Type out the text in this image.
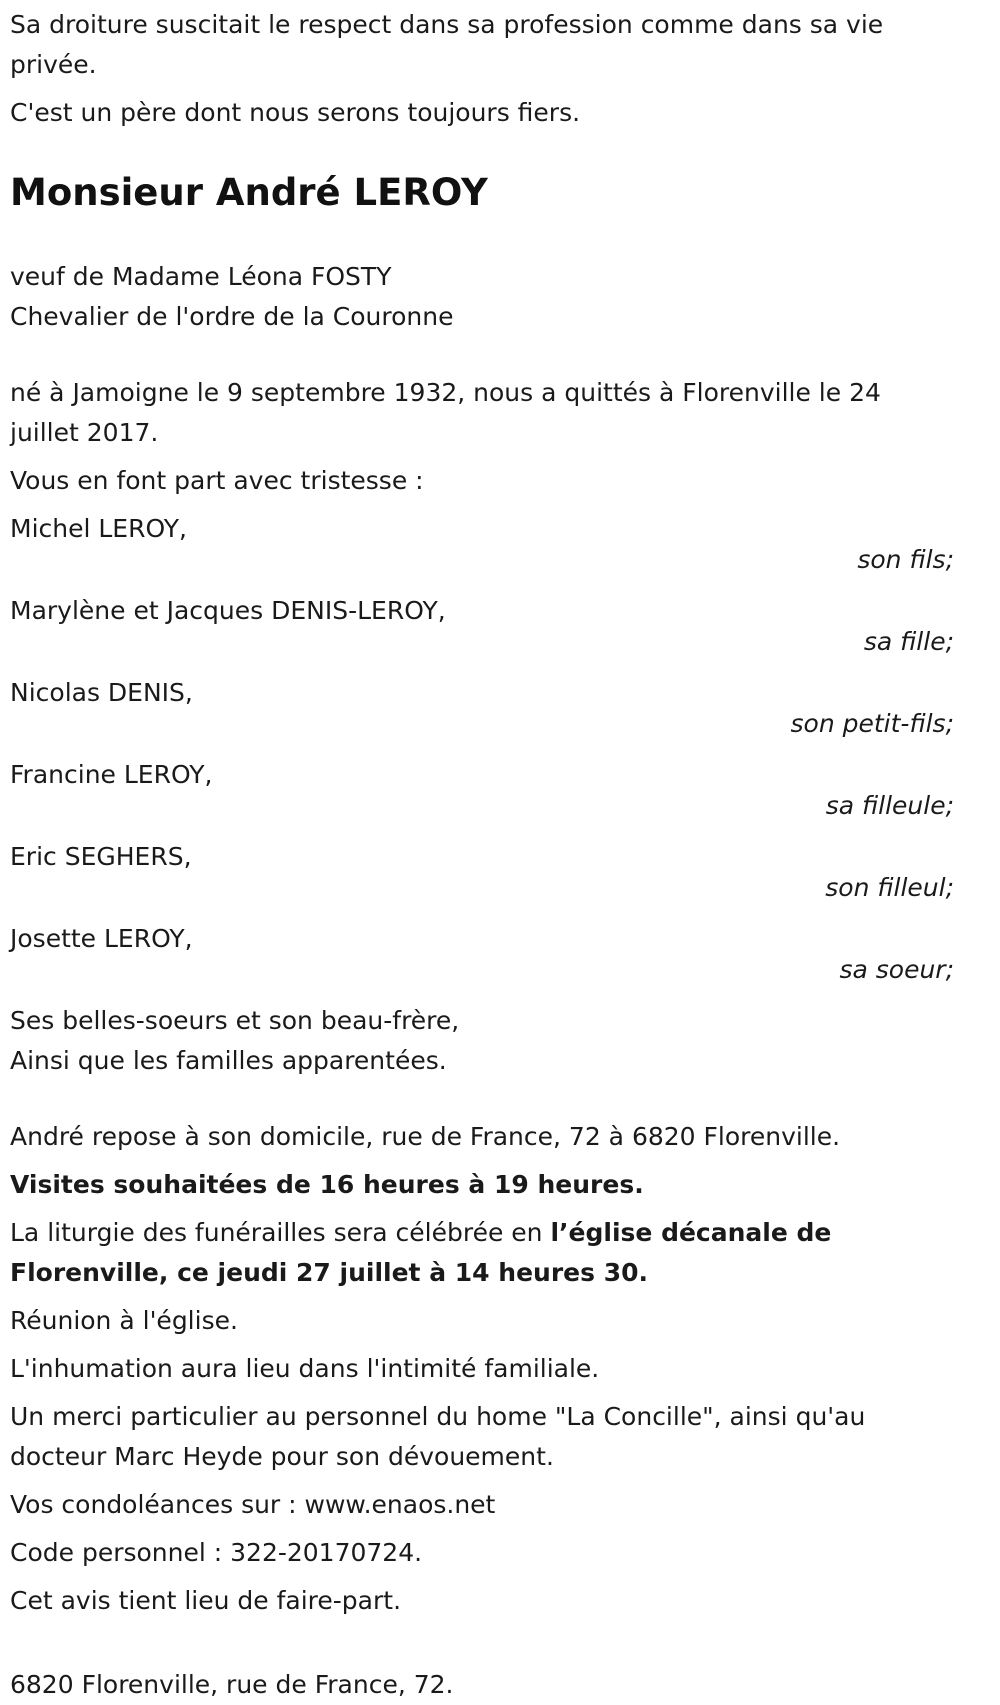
Sa droiture suscitait le respect dans sa profession comme dans sa vie privée.

C'est un père dont nous serons toujours fiers.

Monsieur André LEROY
veuf de Madame Léona FOSTY
Chevalier de l'ordre de la Couronne

né à Jamoigne le 9 septembre 1932, nous a quittés à Florenville le 24 juillet 2017.

Vous en font part avec tristesse :

Michel LEROY,
son fils;
Marylène et Jacques DENIS-LEROY,
sa fille;
Nicolas DENIS,
son petit-fils;
Francine LEROY,
sa filleule;
Eric SEGHERS,
son filleul;
Josette LEROY,
sa soeur;
Ses belles-soeurs et son beau-frère,
Ainsi que les familles apparentées.

André repose à son domicile, rue de France, 72 à 6820 Florenville.

Visites souhaitées de 16 heures à 19 heures.

La liturgie des funérailles sera célébrée en l’église décanale de Florenville, ce jeudi 27 juillet à 14 heures 30.

Réunion à l'église.

L'inhumation aura lieu dans l'intimité familiale.

Un merci particulier au personnel du home "La Concille", ainsi qu'au docteur Marc Heyde pour son dévouement.

Vos condoléances sur : www.enaos.net

Code personnel : 322-20170724.

Cet avis tient lieu de faire-part.

6820 Florenville, rue de France, 72.
